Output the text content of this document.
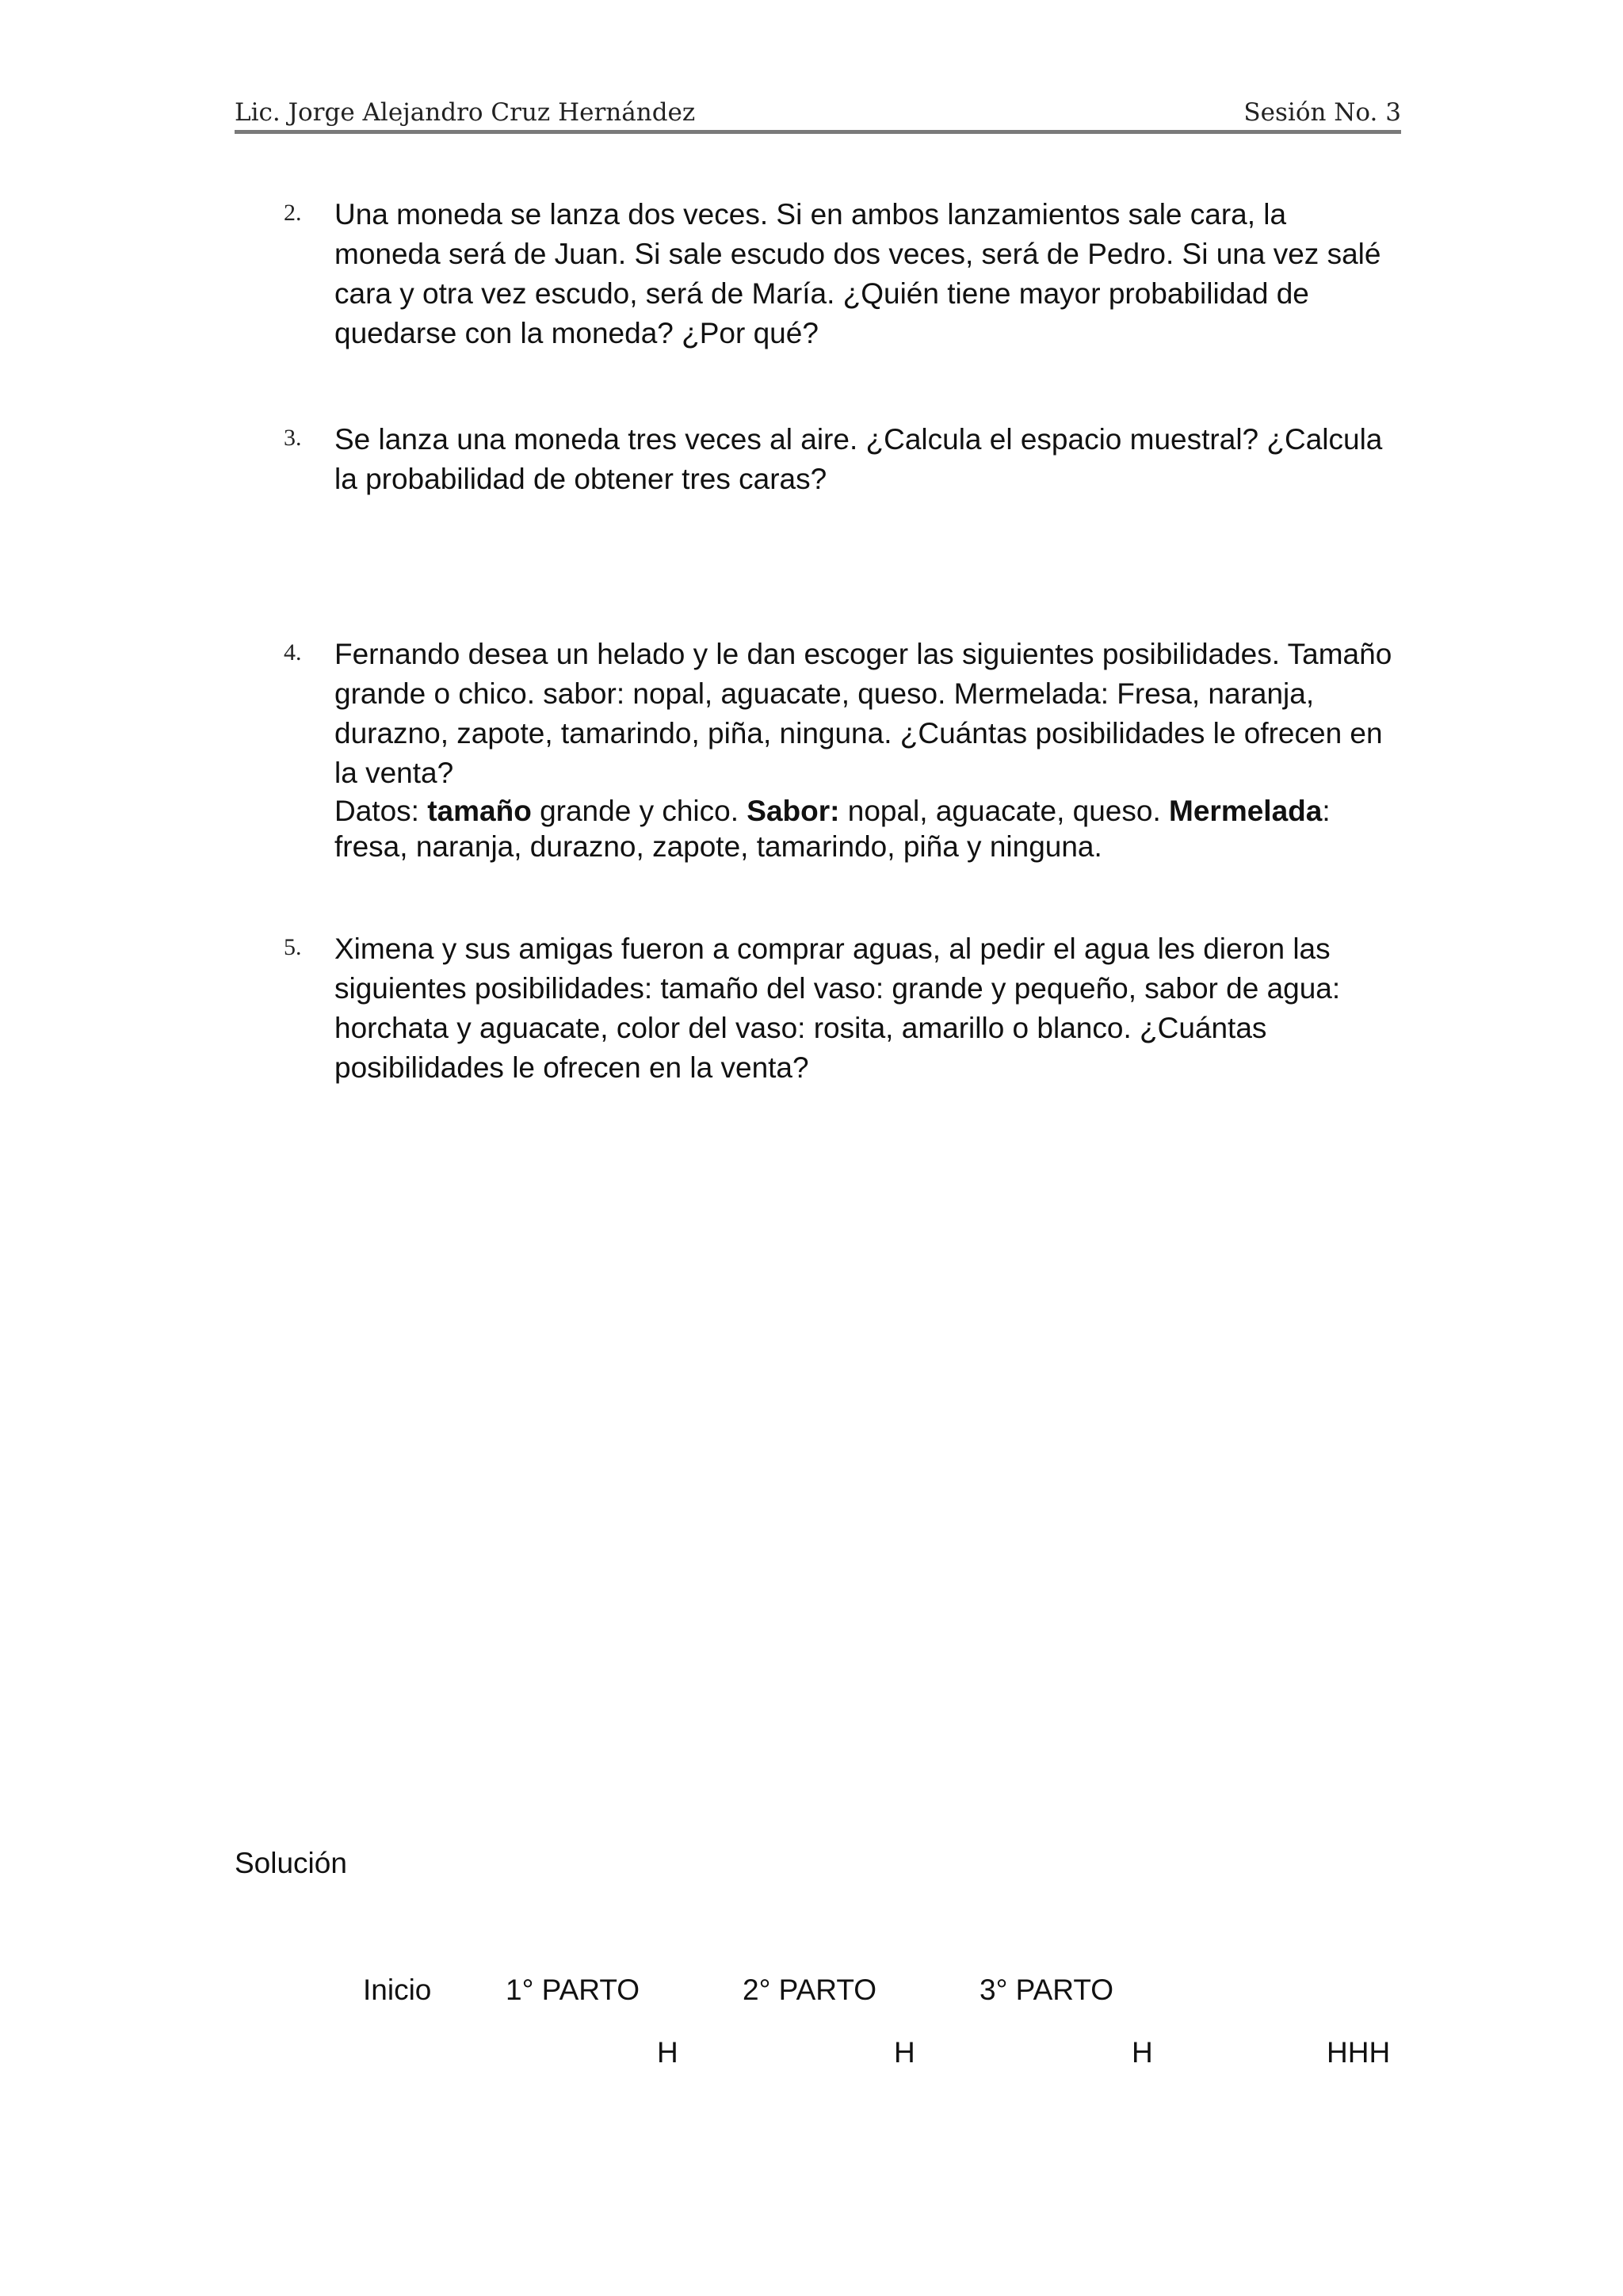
Lic. Jorge Alejandro Cruz Hernández	Sesión No. 3
2. Una moneda se lanza dos veces. Si en ambos lanzamientos sale cara, la moneda será de Juan. Si sale escudo dos veces, será de Pedro. Si una vez salé cara y otra vez escudo, será de María. ¿Quién tiene mayor probabilidad de quedarse con la moneda? ¿Por qué?

3. Se lanza una moneda tres veces al aire. ¿Calcula el espacio muestral? ¿Calcula la probabilidad de obtener tres caras?

4. Fernando desea un helado y le dan escoger las siguientes posibilidades. Tamaño grande o chico. sabor: nopal, aguacate, queso. Mermelada: Fresa, naranja, durazno, zapote, tamarindo, piña, ninguna. ¿Cuántas posibilidades le ofrecen en la venta?

Datos: tamaño grande y chico. Sabor: nopal, aguacate, queso. Mermelada: fresa, naranja, durazno, zapote, tamarindo, piña y ninguna.

5. Ximena y sus amigas fueron a comprar aguas, al pedir el agua les dieron las siguientes posibilidades: tamaño del vaso: grande y pequeño, sabor de agua: horchata y aguacate, color del vaso: rosita, amarillo o blanco. ¿Cuántas posibilidades le ofrecen en la venta?

Solución
Inicio	1° PARTO	2° PARTO	3° PARTO
H	H	H	HHH
